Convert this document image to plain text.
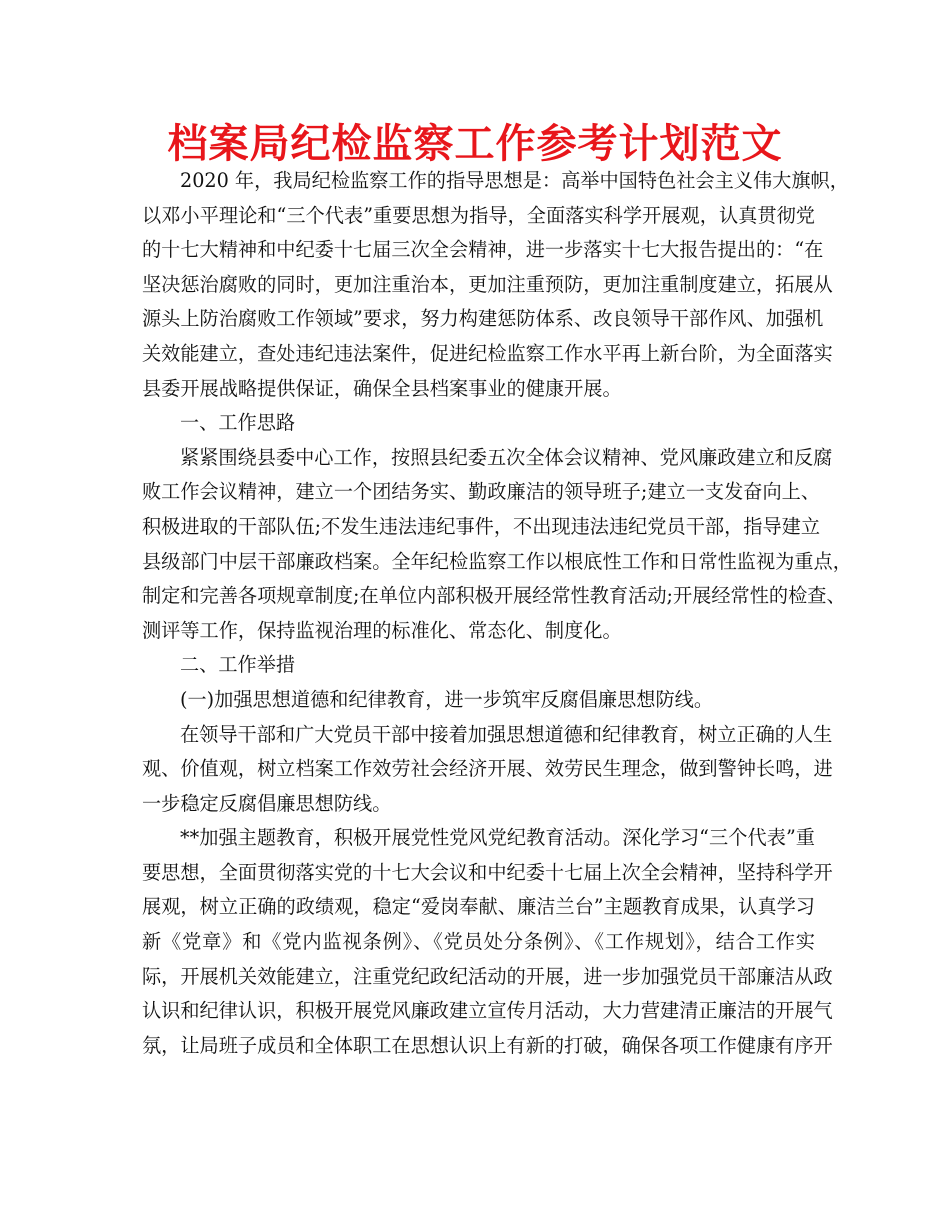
档案局纪检监察工作参考计划范文
2020 年，我局纪检监察工作的指导思想是：高举中国特色社会主义伟大旗帜，
以邓小平理论和“三个代表”重要思想为指导，全面落实科学开展观，认真贯彻党
的十七大精神和中纪委十七届三次全会精神，进一步落实十七大报告提出的：“在
坚决惩治腐败的同时，更加注重治本，更加注重预防，更加注重制度建立，拓展从
源头上防治腐败工作领域”要求，努力构建惩防体系、改良领导干部作风、加强机
关效能建立，查处违纪违法案件，促进纪检监察工作水平再上新台阶，为全面落实
县委开展战略提供保证，确保全县档案事业的健康开展。
一、工作思路
紧紧围绕县委中心工作，按照县纪委五次全体会议精神、党风廉政建立和反腐
败工作会议精神，建立一个团结务实、勤政廉洁的领导班子;建立一支发奋向上、
积极进取的干部队伍;不发生违法违纪事件，不出现违法违纪党员干部，指导建立
县级部门中层干部廉政档案。全年纪检监察工作以根底性工作和日常性监视为重点，
制定和完善各项规章制度;在单位内部积极开展经常性教育活动;开展经常性的检查、
测评等工作，保持监视治理的标准化、常态化、制度化。
二、工作举措
(一)加强思想道德和纪律教育，进一步筑牢反腐倡廉思想防线。
在领导干部和广大党员干部中接着加强思想道德和纪律教育，树立正确的人生
观、价值观，树立档案工作效劳社会经济开展、效劳民生理念，做到警钟长鸣，进
一步稳定反腐倡廉思想防线。
**加强主题教育，积极开展党性党风党纪教育活动。深化学习“三个代表”重
要思想，全面贯彻落实党的十七大会议和中纪委十七届上次全会精神，坚持科学开
展观，树立正确的政绩观，稳定“爱岗奉献、廉洁兰台”主题教育成果，认真学习
新《党章》和《党内监视条例》、《党员处分条例》、《工作规划》，结合工作实
际，开展机关效能建立，注重党纪政纪活动的开展，进一步加强党员干部廉洁从政
认识和纪律认识，积极开展党风廉政建立宣传月活动，大力营建清正廉洁的开展气
氛，让局班子成员和全体职工在思想认识上有新的打破，确保各项工作健康有序开
